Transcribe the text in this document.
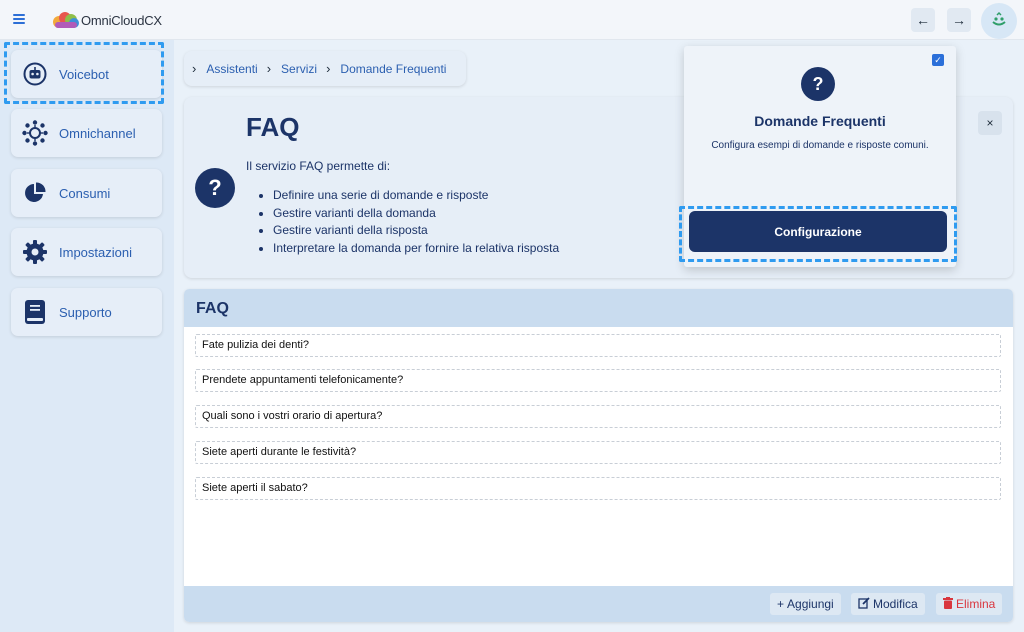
OmniCloudCX	← →
Voicebot
Omnichannel
Consumi
Impostazioni
Supporto
› Assistenti › Servizi › Domande Frequenti
?
FAQ
Il servizio FAQ permette di:
• Definire una serie di domande e risposte
• Gestire varianti della domanda
• Gestire varianti della risposta
• Interpretare la domanda per fornire la relativa risposta
×
✓
?
Domande Frequenti
Configura esempi di domande e risposte comuni.
Configurazione
FAQ
Fate pulizia dei denti?
Prendete appuntamenti telefonicamente?
Quali sono i vostri orario di apertura?
Siete aperti durante le festività?
Siete aperti il sabato?
+ Aggiungi	Modifica	Elimina
